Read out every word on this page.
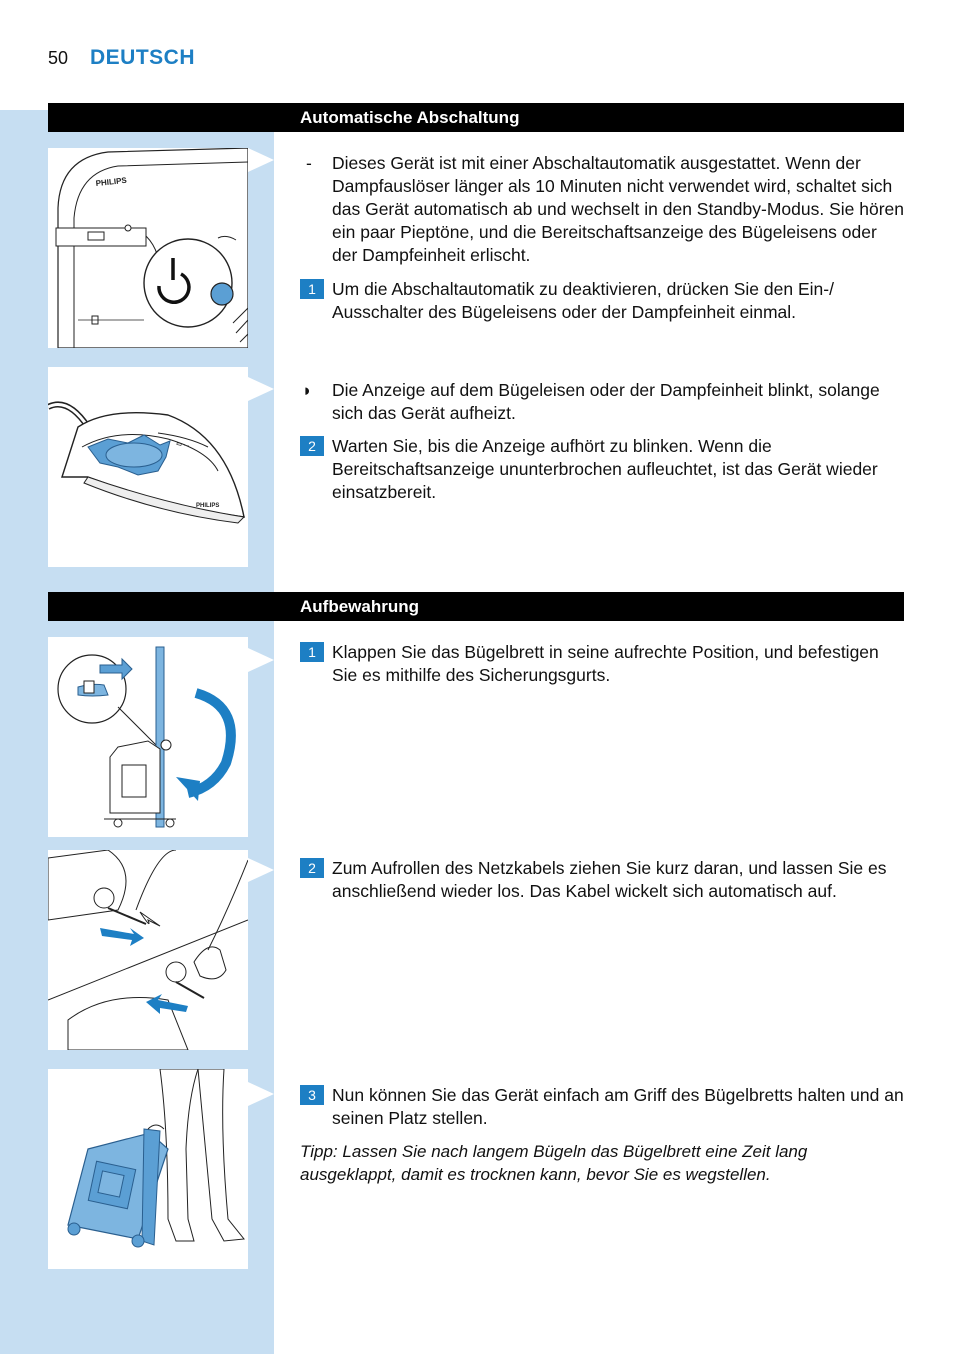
50 DEUTSCH
Automatische Abschaltung
PHILIPS
▭ ◦ ◦
PHILIPS

- Dieses Gerät ist mit einer Abschaltautomatik ausgestattet. Wenn der Dampfauslöser länger als 10 Minuten nicht verwendet wird, schaltet sich das Gerät automatisch ab und wechselt in den Standby-Modus. Sie hören ein paar Pieptöne, und die Bereitschaftsanzeige des Bügeleisens oder der Dampfeinheit erlischt.

1 Um die Abschaltautomatik zu deaktivieren, drücken Sie den Ein-/ Ausschalter des Bügeleisens oder der Dampfeinheit einmal.

◗ Die Anzeige auf dem Bügeleisen oder der Dampfeinheit blinkt, solange sich das Gerät aufheizt.

2 Warten Sie, bis die Anzeige aufhört zu blinken. Wenn die Bereitschaftsanzeige ununterbrochen aufleuchtet, ist das Gerät wieder einsatzbereit.

Aufbewahrung

1 Klappen Sie das Bügelbrett in seine aufrechte Position, und befestigen Sie es mithilfe des Sicherungsgurts.

2 Zum Aufrollen des Netzkabels ziehen Sie kurz daran, und lassen Sie es anschließend wieder los. Das Kabel wickelt sich automatisch auf.

3 Nun können Sie das Gerät einfach am Griff des Bügelbretts halten und an seinen Platz stellen.

Tipp: Lassen Sie nach langem Bügeln das Bügelbrett eine Zeit lang ausgeklappt, damit es trocknen kann, bevor Sie es wegstellen.
